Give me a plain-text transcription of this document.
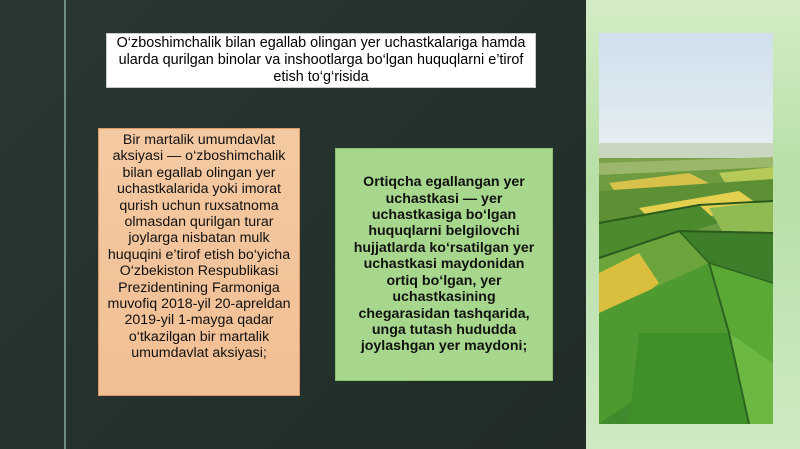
O‘zboshimchalik bilan egallab olingan yer uchastkalariga hamda ularda qurilgan binolar va inshootlarga bo‘lgan huquqlarni e’tirof etish to‘g‘risida
Bir martalik umumdavlat aksiyasi — o‘zboshimchalik bilan egallab olingan yer uchastkalarida yoki imorat qurish uchun ruxsatnoma olmasdan qurilgan turar joylarga nisbatan mulk huquqini e’tirof etish bo‘yicha O‘zbekiston Respublikasi Prezidentining Farmoniga muvofiq 2018-yil 20-apreldan 2019-yil 1-mayga qadar o‘tkazilgan bir martalik umumdavlat aksiyasi;
Ortiqcha egallangan yer uchastkasi — yer uchastkasiga bo‘lgan huquqlarni belgilovchi hujjatlarda ko‘rsatilgan yer uchastkasi maydonidan ortiq bo‘lgan, yer uchastkasining chegarasidan tashqarida, unga tutash hududda joylashgan yer maydoni;
